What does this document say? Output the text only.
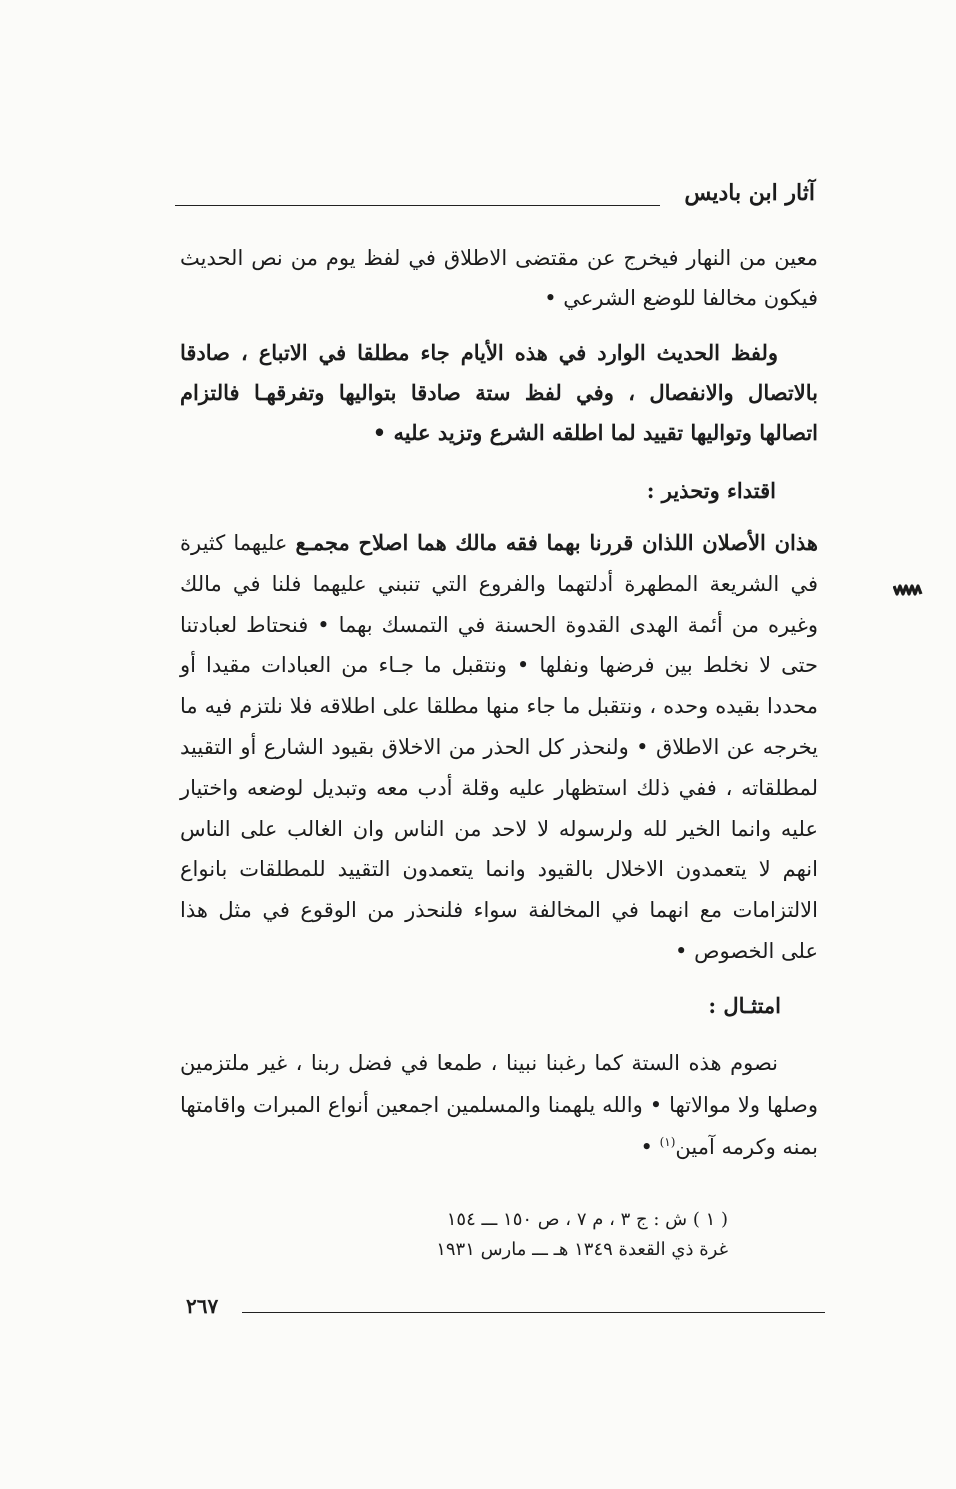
آثار ابن باديس
معين من النهار فيخرج عن مقتضى الاطلاق في لفظ يوم من نص الحديث فيكون مخالفا للوضع الشرعي •
ولفظ الحديث الوارد في هذه الأيام جاء مطلقا في الاتباع ، صادقا بالاتصال والانفصال ، وفي لفظ ستة صادقا بتواليها وتفرقهـا فالتزام اتصالها وتواليها تقييد لما اطلقه الشرع وتزيد عليه •
اقتداء وتحذير :
هذان الأصلان اللذان قررنا بهما فقه مالك هما اصلاح مجمـع عليهما كثيرة في الشريعة المطهرة أدلتهما والفروع التي تنبني عليهما فلنا في مالك وغيره من أئمة الهدى القدوة الحسنة في التمسك بهما • فنحتاط لعبادتنا حتى لا نخلط بين فرضها ونفلها • ونتقبل ما جـاء من العبادات مقيدا أو محددا بقيده وحده ، ونتقبل ما جاء منها مطلقا على اطلاقه فلا نلتزم فيه ما يخرجه عن الاطلاق • ولنحذر كل الحذر من الاخلاق بقيود الشارع أو التقييد لمطلقاته ، ففي ذلك استظهار عليه وقلة أدب معه وتبديل لوضعه واختيار عليه وانما الخير لله ولرسوله لا لاحد من الناس وان الغالب على الناس انهم لا يتعمدون الاخلال بالقيود وانما يتعمدون التقييد للمطلقات بانواع الالتزامات مع انهما في المخالفة سواء فلنحذر من الوقوع في مثل هذا على الخصوص •
امتثـال :
نصوم هذه الستة كما رغبنا نبينا ، طمعا في فضل ربنا ، غير ملتزمين وصلها ولا موالاتها • والله يلهمنا والمسلمين اجمعين أنواع المبرات واقامتها بمنه وكرمه آمين$^{(١)}$ •
( ١ ) ش : ج ٣ ، م ٧ ، ص ١٥٠ ـــ ١٥٤
غرة ذي القعدة ١٣٤٩ هـ ـــ مارس ١٩٣١
٢٦٧
